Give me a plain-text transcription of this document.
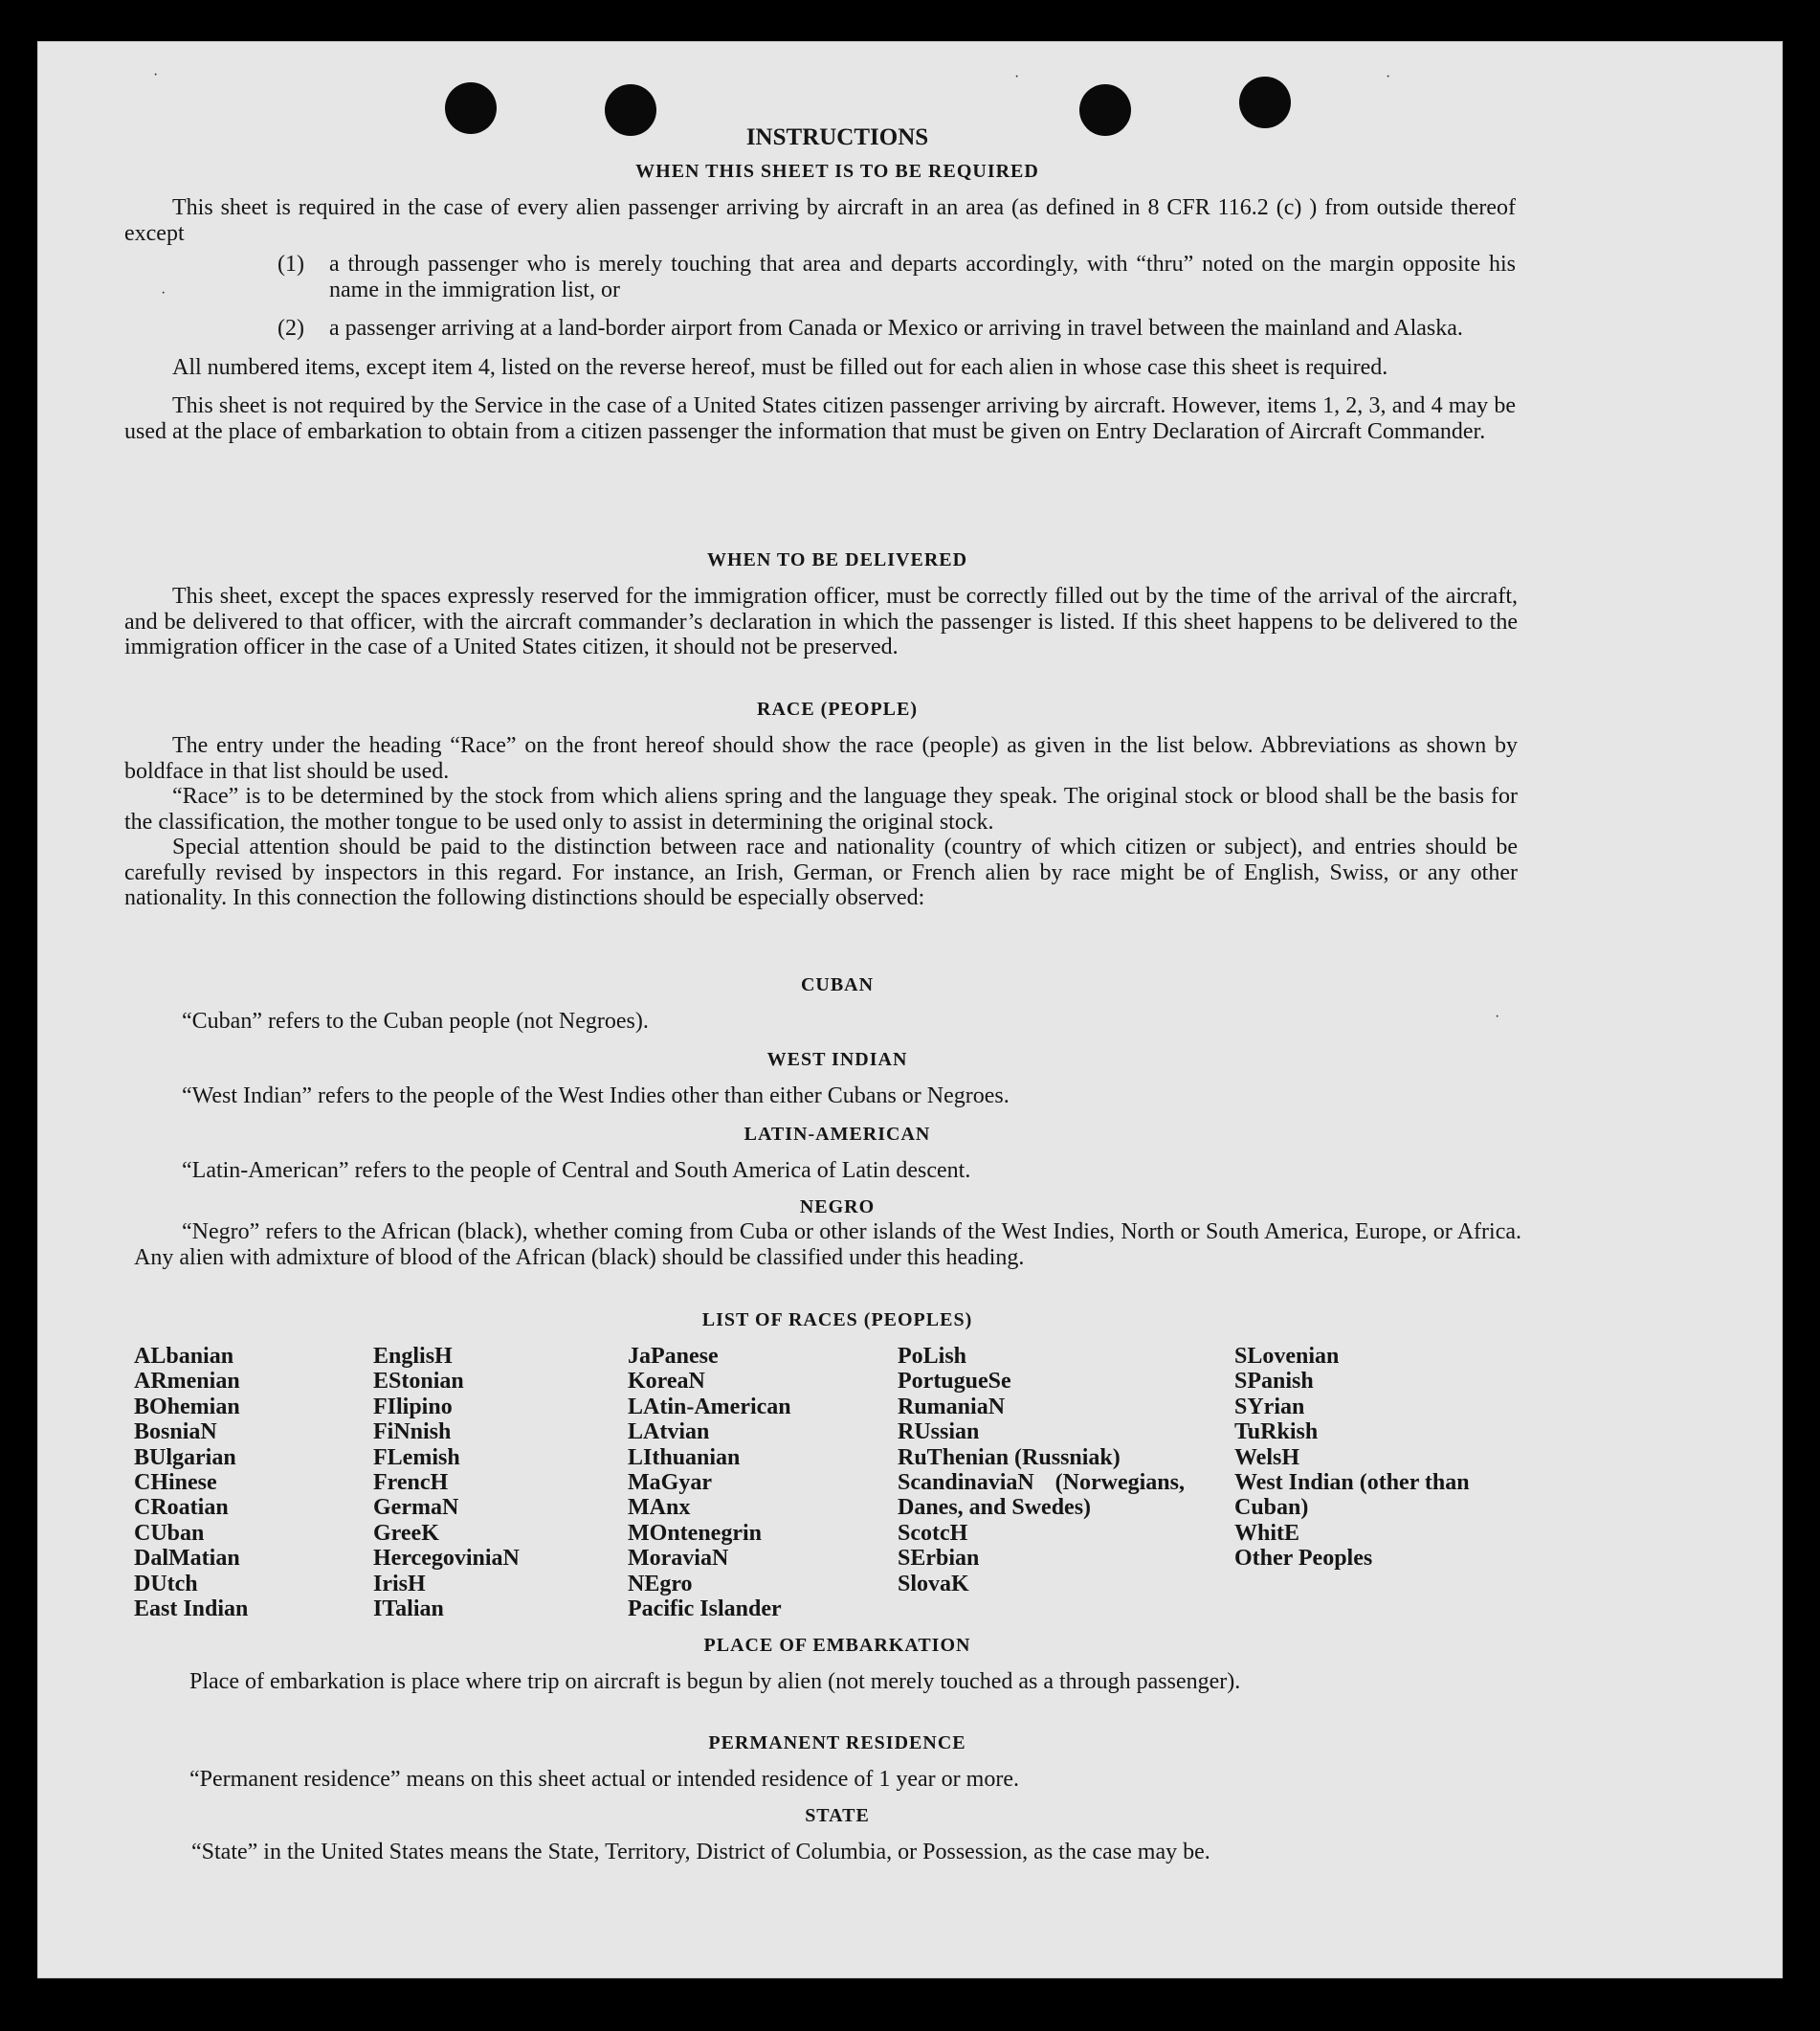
INSTRUCTIONS
WHEN THIS SHEET IS TO BE REQUIRED

This sheet is required in the case of every alien passenger arriving by aircraft in an area (as defined in 8 CFR 116.2 (c) ) from outside thereof except

(1)	a through passenger who is merely touching that area and departs accordingly, with “thru” noted on the margin opposite his name in the immigration list, or
(2)	a passenger arriving at a land-border airport from Canada or Mexico or arriving in travel between the mainland and Alaska.

All numbered items, except item 4, listed on the reverse hereof, must be filled out for each alien in whose case this sheet is required.

This sheet is not required by the Service in the case of a United States citizen passenger arriving by aircraft. However, items 1, 2, 3, and 4 may be used at the place of embarkation to obtain from a citizen passenger the information that must be given on Entry Declaration of Aircraft Commander.

WHEN TO BE DELIVERED

This sheet, except the spaces expressly reserved for the immigration officer, must be correctly filled out by the time of the arrival of the aircraft, and be delivered to that officer, with the aircraft commander’s declaration in which the passenger is listed. If this sheet happens to be delivered to the immigration officer in the case of a United States citizen, it should not be preserved.

RACE (PEOPLE)

The entry under the heading “Race” on the front hereof should show the race (people) as given in the list below. Abbreviations as shown by boldface in that list should be used.

“Race” is to be determined by the stock from which aliens spring and the language they speak. The original stock or blood shall be the basis for the classification, the mother tongue to be used only to assist in determining the original stock.

Special attention should be paid to the distinction between race and nationality (country of which citizen or subject), and entries should be carefully revised by inspectors in this regard. For instance, an Irish, German, or French alien by race might be of English, Swiss, or any other nationality. In this connection the following distinctions should be especially observed:

CUBAN
“Cuban” refers to the Cuban people (not Negroes).
WEST INDIAN
“West Indian” refers to the people of the West Indies other than either Cubans or Negroes.
LATIN-AMERICAN
“Latin-American” refers to the people of Central and South America of Latin descent.
NEGRO

“Negro” refers to the African (black), whether coming from Cuba or other islands of the West Indies, North or South America, Europe, or Africa. Any alien with admixture of blood of the African (black) should be classified under this heading.

LIST OF RACES (PEOPLES)
ALbanian
ARmenian
BOhemian
BosniaN
BUlgarian
CHinese
CRoatian
CUban
DalMatian
DUtch
East Indian
EnglisH
EStonian
FIlipino
FiNnish
FLemish
FrencH
GermaN
GreeK
HercegoviniaN
IrisH
ITalian
JaPanese
KoreaN
LAtin-American
LAtvian
LIthuanian
MaGyar
MAnx
MOntenegrin
MoraviaN
NEgro
Pacific Islander
PoLish
PortugueSe
RumaniaN
RUssian
RuThenian (Russniak)
ScandinaviaN (Norwegians, Danes, and Swedes)
ScotcH
SErbian
SlovaK
SLovenian
SPanish
SYrian
TuRkish
WelsH
West Indian (other than Cuban)
WhitE
Other Peoples
PLACE OF EMBARKATION

Place of embarkation is place where trip on aircraft is begun by alien (not merely touched as a through passenger).

PERMANENT RESIDENCE
“Permanent residence” means on this sheet actual or intended residence of 1 year or more.
STATE

“State” in the United States means the State, Territory, District of Columbia, or Possession, as the case may be.

·	·	·
·
·
